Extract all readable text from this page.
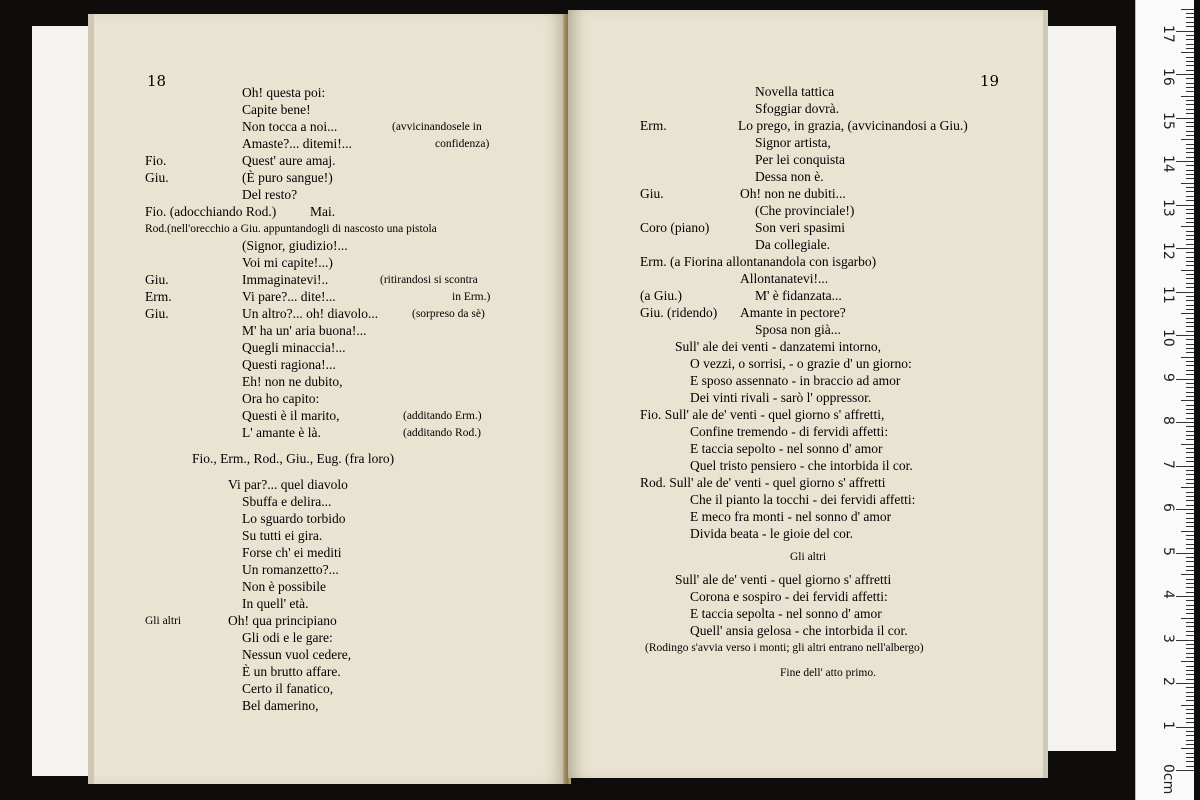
18	19
Oh! questa poi:
Capite bene!
Non tocca a noi...	(avvicinandosele in
Amaste?... ditemi!...	confidenza)
Fio.	Quest' aure amaj.
Giu.	(È puro sangue!)
Del resto?
Fio. (adocchiando Rod.)	Mai.
Rod.(nell'orecchio a Giu. appuntandogli di nascosto una pistola
(Signor, giudizio!...
Voi mi capite!...)
Giu.	Immaginatevi!..	(ritirandosi si scontra
Erm.	Vi pare?... dite!...	in Erm.)
Giu.	Un altro?... oh! diavolo...	(sorpreso da sè)
M' ha un' aria buona!...
Quegli minaccia!...
Questi ragiona!...
Eh! non ne dubito,
Ora ho capito:
Questi è il marito,	(additando Erm.)
L' amante è là.	(additando Rod.)
Fio., Erm., Rod., Giu., Eug. (fra loro)
Vi par?... quel diavolo
Sbuffa e delira...
Lo sguardo torbido
Su tutti ei gira.
Forse ch' ei mediti
Un romanzetto?...
Non è possibile
In quell' età.
Gli altri	Oh! qua principiano
Gli odi e le gare:
Nessun vuol cedere,
È un brutto affare.
Certo il fanatico,
Bel damerino,
Novella tattica
Sfoggiar dovrà.
Erm.	Lo prego, in grazia, (avvicinandosi a Giu.)
Signor artista,
Per lei conquista
Dessa non è.
Giu.	Oh! non ne dubiti...
(Che provinciale!)
Coro (piano)	Son veri spasimi
Da collegiale.
Erm. (a Fiorina allontanandola con isgarbo)
Allontanatevi!...
(a Giu.)	M' è fidanzata...
Giu. (ridendo) Amante in pectore?
Sposa non già...
Sull' ale dei venti - danzatemi intorno,
O vezzi, o sorrisi, - o grazie d' un giorno:
E sposo assennato - in braccio ad amor
Dei vinti rivali - sarò l' oppressor.
Fio. Sull' ale de' venti - quel giorno s' affretti,
Confine tremendo - di fervidi affetti:
E taccia sepolto - nel sonno d' amor
Quel tristo pensiero - che intorbida il cor.
Rod. Sull' ale de' venti - quel giorno s' affretti
Che il pianto la tocchi - dei fervidi affetti:
E meco fra monti - nel sonno d' amor
Divida beata - le gioie del cor.
Gli altri
Sull' ale de' venti - quel giorno s' affretti
Corona e sospiro - dei fervidi affetti:
E taccia sepolta - nel sonno d' amor
Quell' ansia gelosa - che intorbida il cor.
(Rodingo s'avvia verso i monti; gli altri entrano nell'albergo)
Fine dell' atto primo.
0cm
1
2
3
4
5
6
7
8
9
10
11
12
13
14
15
16
17
